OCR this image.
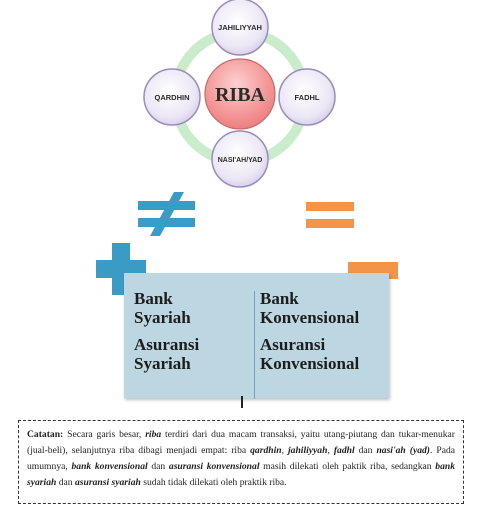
JAHILIYYAH
FADHL
NASI'AH/YAD
QARDHIN RIBA
Bank
Syariah
Asuransi
Syariah
Bank
Konvensional
Asuransi
Konvensional
Catatan: Secara garis besar, riba terdiri dari dua macam transaksi, yaitu utang-piutang dan tukar-menukar (jual-beli), selanjutnya riba dibagi menjadi empat: riba qardhin, jahiliyyah, fadhl dan nasi'ah (yad). Pada umumnya, bank konvensional dan asuransi konvensional masih dilekati oleh paktik riba, sedangkan bank syariah dan asuransi syariah sudah tidak dilekati oleh praktik riba.
